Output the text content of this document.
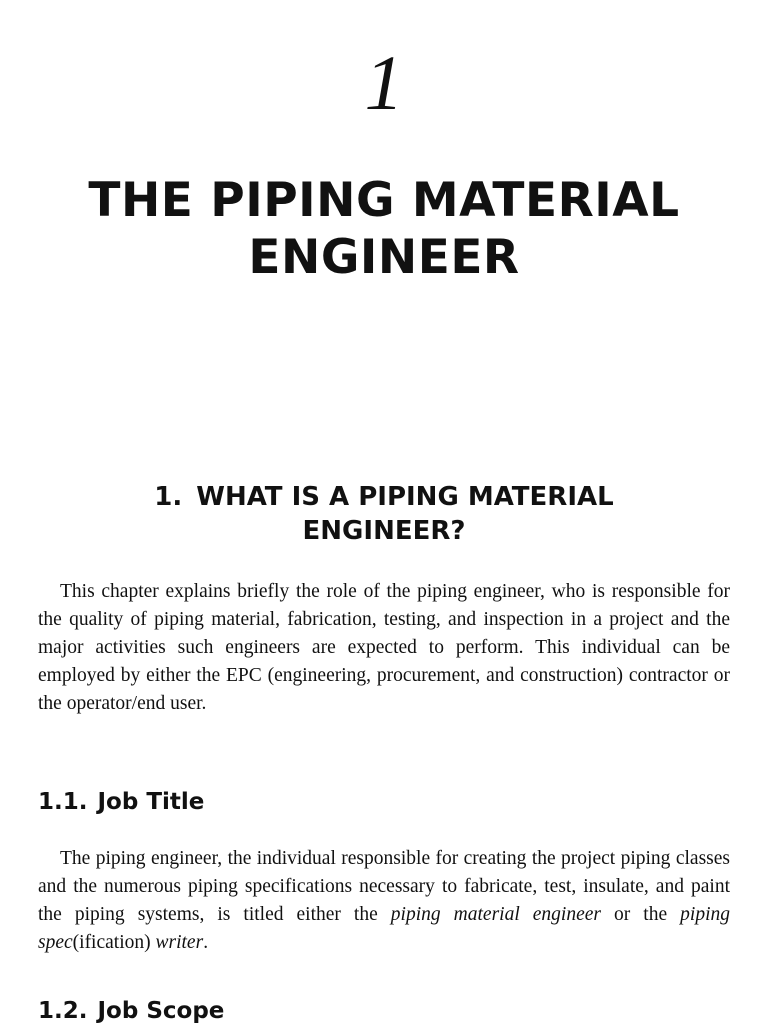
1
THE PIPING MATERIAL
ENGINEER
1. WHAT IS A PIPING MATERIAL
ENGINEER?

This chapter explains briefly the role of the piping engineer, who is responsible for the quality of piping material, fabrication, testing, and inspection in a project and the major activities such engineers are expected to perform. This individual can be employed by either the EPC (engineering, procurement, and construction) contractor or the operator/end user.

1.1. Job Title

The piping engineer, the individual responsible for creating the project piping classes and the numerous piping specifications necessary to fabricate, test, insulate, and paint the piping systems, is titled either the piping material engineer or the piping spec(ification) writer.

1.2. Job Scope
